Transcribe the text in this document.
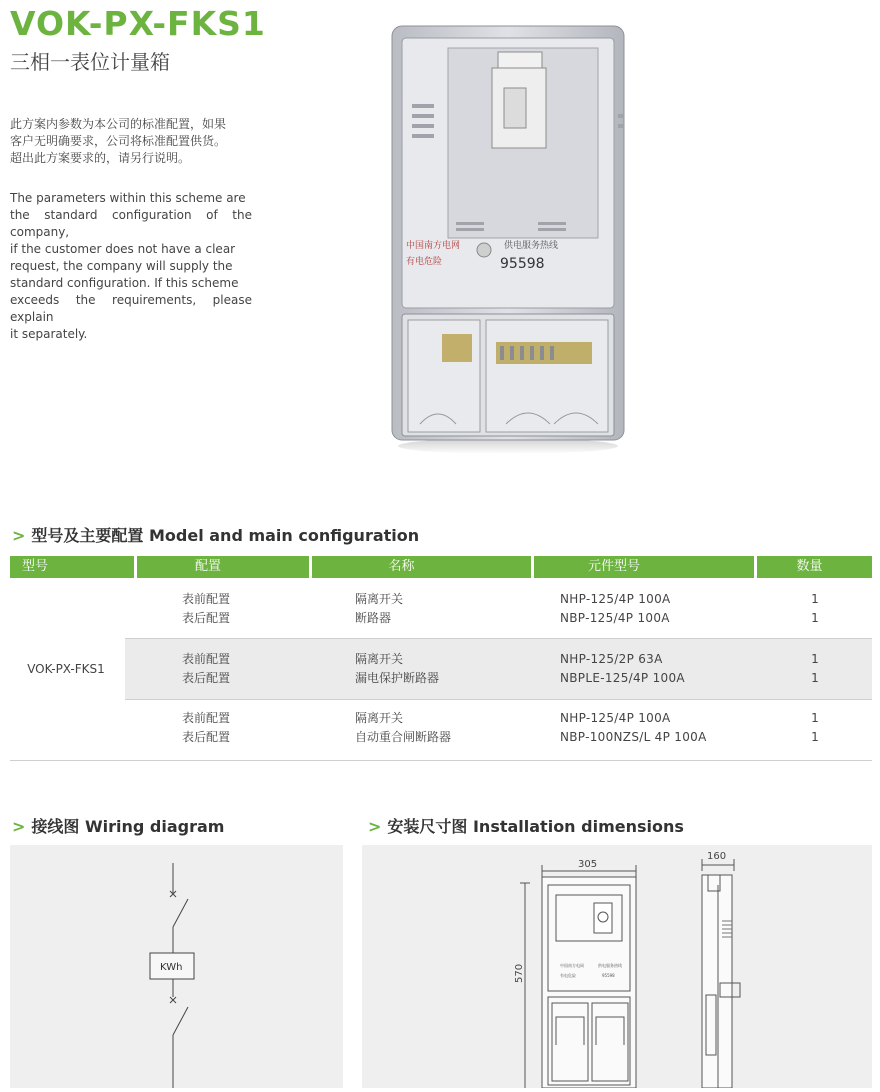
VOK-PX-FKS1
三相一表位计量箱
此方案内参数为本公司的标准配置，如果
客户无明确要求，公司将标准配置供货。
超出此方案要求的，请另行说明。
The parameters within this scheme are
the standard configuration of the company,
if the customer does not have a clear
request, the company will supply the
standard configuration. If this scheme
exceeds the requirements, please explain
it separately.
中国南方电网
有电危险
供电服务热线
95598
> 型号及主要配置 Model and main configuration
型号	配置	名称	元件型号	数量
VOK-PX-FKS1
表前配置	隔离开关	NHP-125/4P 100A	1
表后配置	断路器	NBP-125/4P 100A	1
表前配置	隔离开关	NHP-125/2P 63A	1
表后配置	漏电保护断路器	NBPLE-125/4P 100A	1
表前配置	隔离开关	NHP-125/4P 100A	1
表后配置	自动重合闸断路器	NBP-100NZS/L 4P 100A	1
> 接线图 Wiring diagram
KWh
> 安装尺寸图 Installation dimensions
305
570
160
中国南方电网	供电服务热线
有电危险	95598
